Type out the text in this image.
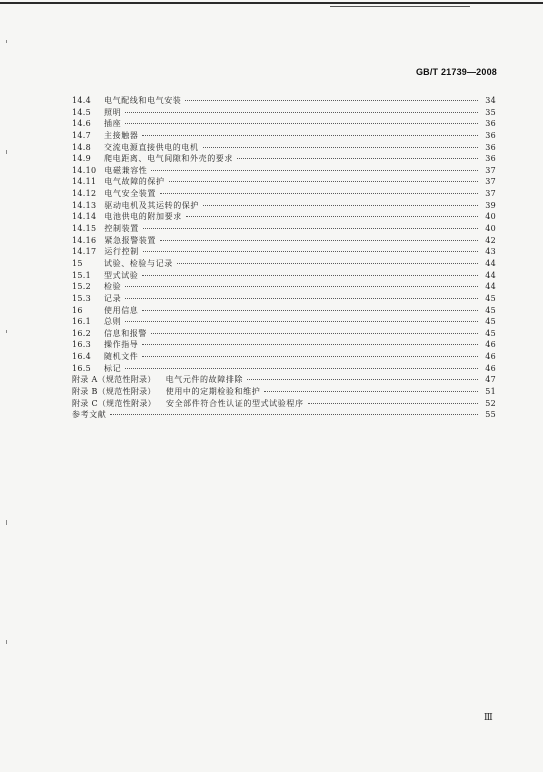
GB/T 21739—2008
14.4	电气配线和电气安装	34
14.5	照明	35
14.6	插座	36
14.7	主接触器	36
14.8	交流电源直接供电的电机	36
14.9	爬电距离、电气间隙和外壳的要求	36
14.10	电磁兼容性	37
14.11	电气故障的保护	37
14.12	电气安全装置	37
14.13	驱动电机及其运转的保护	39
14.14	电池供电的附加要求	40
14.15	控制装置	40
14.16	紧急报警装置	42
14.17	运行控制	43
15	试验、检验与记录	44
15.1	型式试验	44
15.2	检验	44
15.3	记录	45
16	使用信息	45
16.1	总则	45
16.2	信息和报警	45
16.3	操作指导	46
16.4	随机文件	46
16.5	标记	46
附录 A（规范性附录）	电气元件的故障排除	47
附录 B（规范性附录）	使用中的定期检验和维护	51
附录 C（规范性附录）	安全部件符合性认证的型式试验程序	52
参考文献	55
Ⅲ
